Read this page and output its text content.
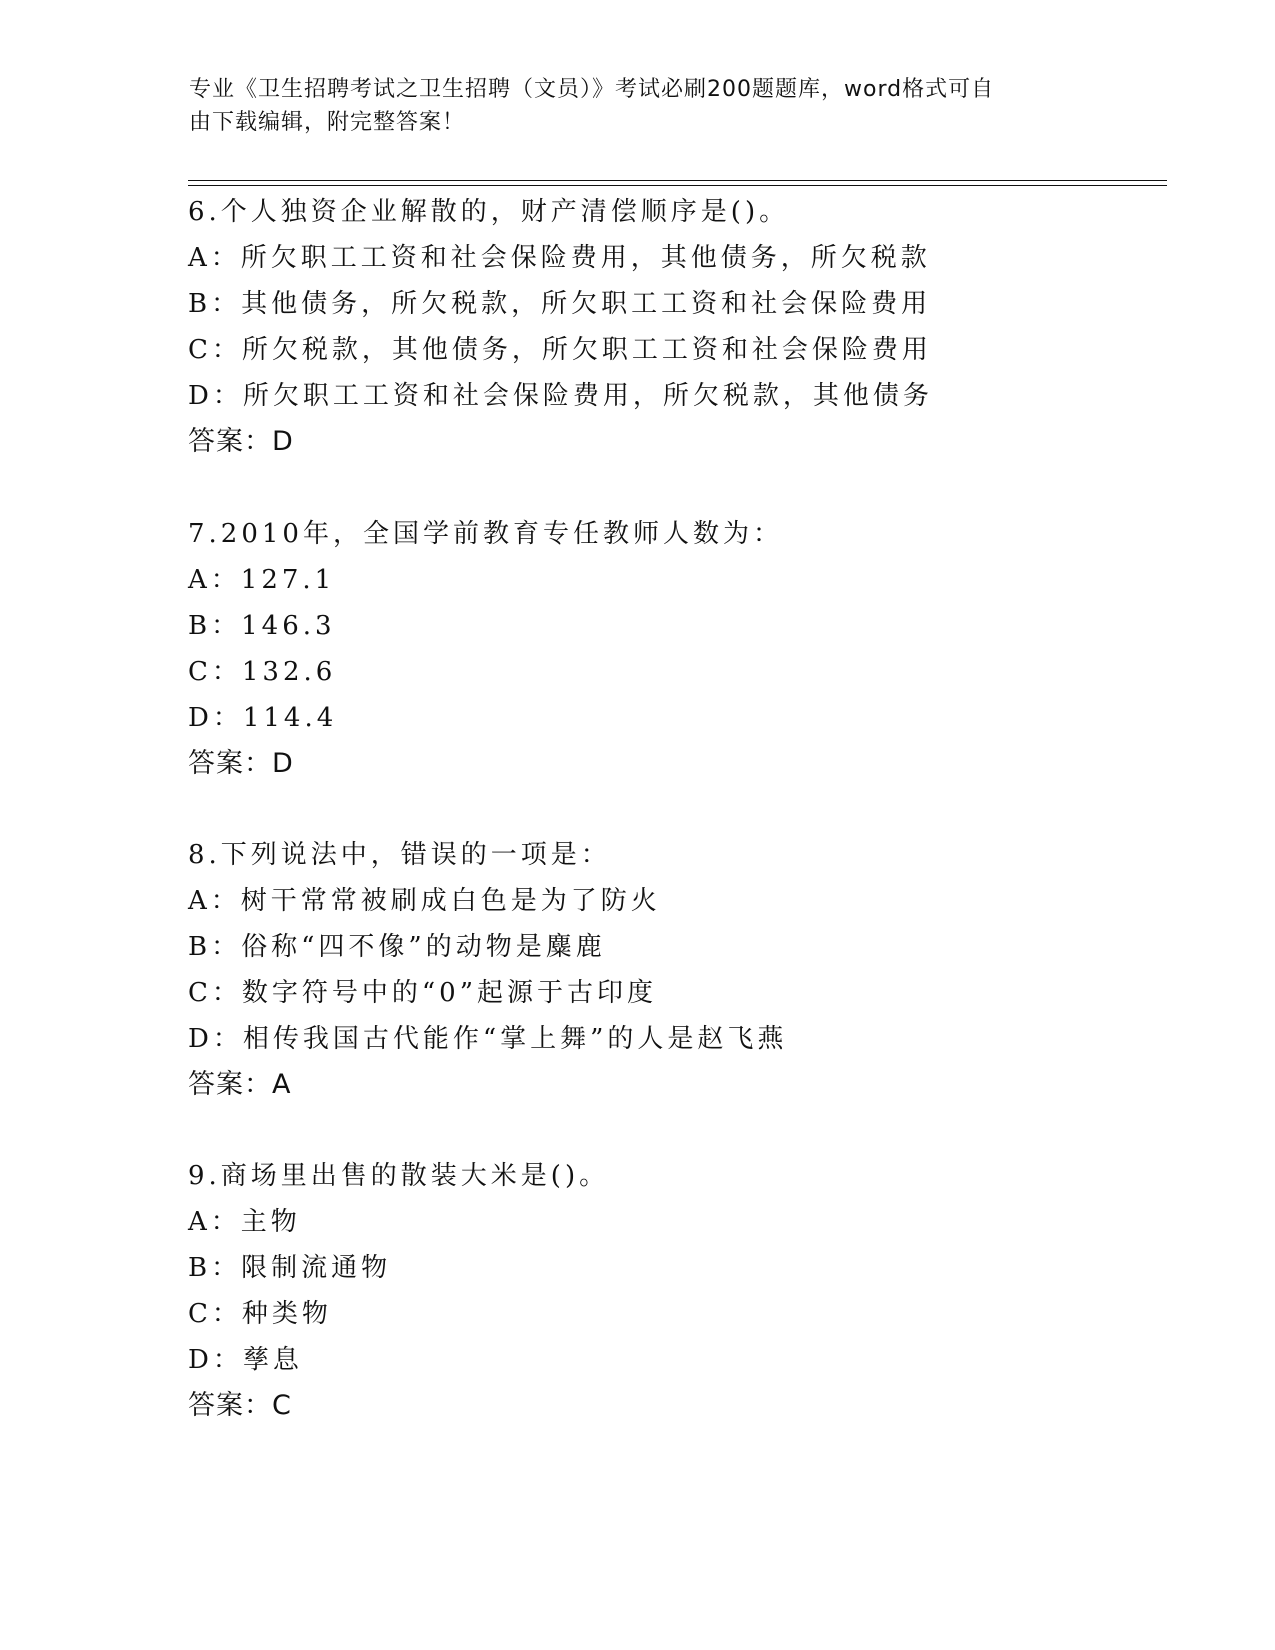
专业《卫生招聘考试之卫生招聘（文员）》考试必刷200题题库，word格式可自
由下载编辑，附完整答案！
6.个人独资企业解散的，财产清偿顺序是()。
A：所欠职工工资和社会保险费用，其他债务，所欠税款
B：其他债务，所欠税款，所欠职工工资和社会保险费用
C：所欠税款，其他债务，所欠职工工资和社会保险费用
D：所欠职工工资和社会保险费用，所欠税款，其他债务
答案：D
7.2010年，全国学前教育专任教师人数为：
A：127.1
B：146.3
C：132.6
D：114.4
答案：D
8.下列说法中，错误的一项是：
A：树干常常被刷成白色是为了防火
B：俗称“四不像”的动物是麋鹿
C：数字符号中的“0”起源于古印度
D：相传我国古代能作“掌上舞”的人是赵飞燕
答案：A
9.商场里出售的散装大米是()。
A：主物
B：限制流通物
C：种类物
D：孳息
答案：C
